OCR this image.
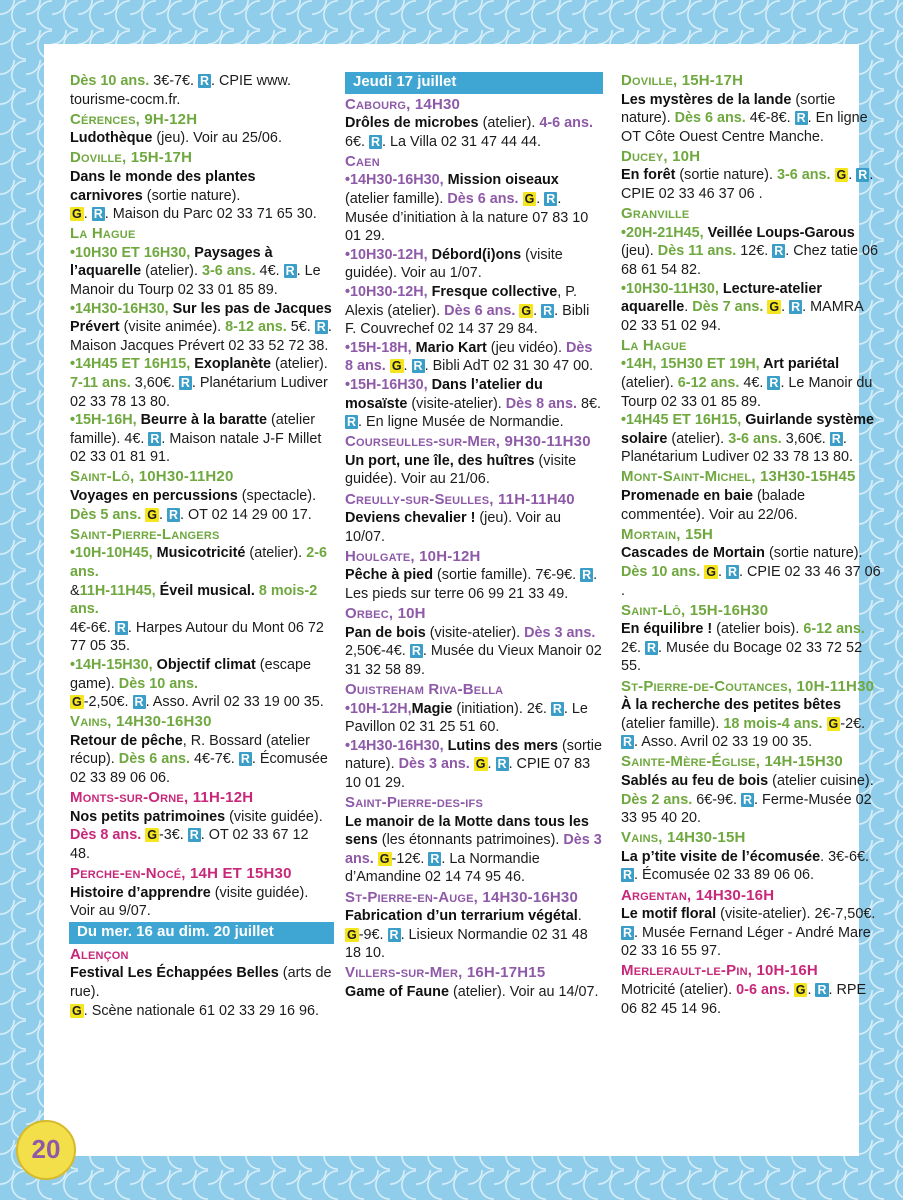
Dès 10 ans. 3€-7€. R . CPIE www. tourisme-cocm.fr.

Cérences, 9H-12H
Ludothèque (jeu). Voir au 25/06.

Doville, 15H-17H
Dans le monde des plantes carnivores (sortie nature).
G . R . Maison du Parc 02 33 71 65 30.

La Hague
•10H30 ET 16H30, Paysages à l’aquarelle (atelier). 3-6 ans. 4€. R . Le Manoir du Tourp 02 33 01 85 89.
•14H30-16H30, Sur les pas de Jacques Prévert (visite animée). 8-12 ans. 5€. R . Maison Jacques Prévert 02 33 52 72 38.
•14H45 ET 16H15, Exoplanète (atelier). 7-11 ans. 3,60€. R . Planétarium Ludiver 02 33 78 13 80.
•15H-16H, Beurre à la baratte (atelier famille). 4€. R . Maison natale J-F Millet 02 33 01 81 91.

Saint-Lô, 10H30-11H20
Voyages en percussions (spectacle). Dès 5 ans. G . R . OT 02 14 29 00 17.

Saint-Pierre-Langers
•10H-10H45, Musicotricité (atelier). 2-6 ans.
&11H-11H45, Éveil musical. 8 mois-2 ans.
4€-6€. R . Harpes Autour du Mont 06 72 77 05 35.
•14H-15H30, Objectif climat (escape game). Dès 10 ans.
G -2,50€. R . Asso. Avril 02 33 19 00 35.

Vains, 14H30-16H30
Retour de pêche, R. Bossard (atelier récup). Dès 6 ans. 4€-7€. R . Écomusée 02 33 89 06 06.

Monts-sur-Orne, 11H-12H
Nos petits patrimoines (visite guidée). Dès 8 ans. G -3€. R . OT 02 33 67 12 48.

Perche-en-Nocé, 14H ET 15H30
Histoire d’apprendre (visite guidée). Voir au 9/07.

Du mer. 16 au dim. 20 juillet

Alençon
Festival Les Échappées Belles (arts de rue).
G . Scène nationale 61 02 33 29 16 96.

Jeudi 17 juillet

Cabourg, 14H30
Drôles de microbes (atelier). 4-6 ans. 6€. R . La Villa 02 31 47 44 44.

Caen
•14H30-16H30, Mission oiseaux (atelier famille). Dès 6 ans. G . R . Musée d’initiation à la nature 07 83 10 01 29.
•10H30-12H, Débord(i)ons (visite guidée). Voir au 1/07.
•10H30-12H, Fresque collective, P. Alexis (atelier). Dès 6 ans. G . R . Bibli F. Couvrechef 02 14 37 29 84.
•15H-18H, Mario Kart (jeu vidéo). Dès 8 ans. G . R . Bibli AdT 02 31 30 47 00.
•15H-16H30, Dans l’atelier du mosaïste (visite-atelier). Dès 8 ans. 8€. R . En ligne Musée de Normandie.

Courseulles-sur-Mer, 9H30-11H30
Un port, une île, des huîtres (visite guidée). Voir au 21/06.

Creully-sur-Seulles, 11H-11H40
Deviens chevalier ! (jeu). Voir au 10/07.

Houlgate, 10H-12H
Pêche à pied (sortie famille). 7€-9€. R . Les pieds sur terre 06 99 21 33 49.

Orbec, 10H
Pan de bois (visite-atelier). Dès 3 ans. 2,50€-4€. R . Musée du Vieux Manoir 02 31 32 58 89.

Ouistreham Riva-Bella
•10H-12H,Magie (initiation). 2€. R . Le Pavillon 02 31 25 51 60.
•14H30-16H30, Lutins des mers (sortie nature). Dès 3 ans. G . R . CPIE 07 83 10 01 29.

Saint-Pierre-des-ifs
Le manoir de la Motte dans tous les sens (les étonnants patrimoines). Dès 3 ans. G -12€. R . La Normandie d’Amandine 02 14 74 95 46.

St-Pierre-en-Auge, 14H30-16H30
Fabrication d’un terrarium végétal.
G -9€. R . Lisieux Normandie 02 31 48 18 10.

Villers-sur-Mer, 16H-17H15
Game of Faune (atelier). Voir au 14/07.

Doville, 15H-17H
Les mystères de la lande (sortie nature). Dès 6 ans. 4€-8€. R . En ligne OT Côte Ouest Centre Manche.

Ducey, 10H
En forêt (sortie nature). 3-6 ans. G . R . CPIE 02 33 46 37 06 .

Granville
•20H-21H45, Veillée Loups-Garous (jeu). Dès 11 ans. 12€. R . Chez tatie 06 68 61 54 82.
•10H30-11H30, Lecture-atelier aquarelle. Dès 7 ans. G . R . MAMRA 02 33 51 02 94.

La Hague
•14H, 15H30 ET 19H, Art pariétal (atelier). 6-12 ans. 4€. R . Le Manoir du Tourp 02 33 01 85 89.
•14H45 ET 16H15, Guirlande système solaire (atelier). 3-6 ans. 3,60€. R . Planétarium Ludiver 02 33 78 13 80.

Mont-Saint-Michel, 13H30-15H45
Promenade en baie (balade commentée). Voir au 22/06.

Mortain, 15H
Cascades de Mortain (sortie nature). Dès 10 ans. G . R . CPIE 02 33 46 37 06 .

Saint-Lô, 15H-16H30
En équilibre ! (atelier bois). 6-12 ans. 2€. R . Musée du Bocage 02 33 72 52 55.

St-Pierre-de-Coutances, 10H-11H30
À la recherche des petites bêtes (atelier famille). 18 mois-4 ans. G -2€. R . Asso. Avril 02 33 19 00 35.

Sainte-Mère-Église, 14H-15H30
Sablés au feu de bois (atelier cuisine). Dès 2 ans. 6€-9€. R . Ferme-Musée 02 33 95 40 20.

Vains, 14H30-15H
La p’tite visite de l’écomusée. 3€-6€. R . Écomusée 02 33 89 06 06.

Argentan, 14H30-16H
Le motif floral (visite-atelier). 2€-7,50€. R . Musée Fernand Léger - André Mare 02 33 16 55 97.

Merlerault-le-Pin, 10H-16H
Motricité (atelier). 0-6 ans. G . R . RPE 06 82 45 14 96.

20
